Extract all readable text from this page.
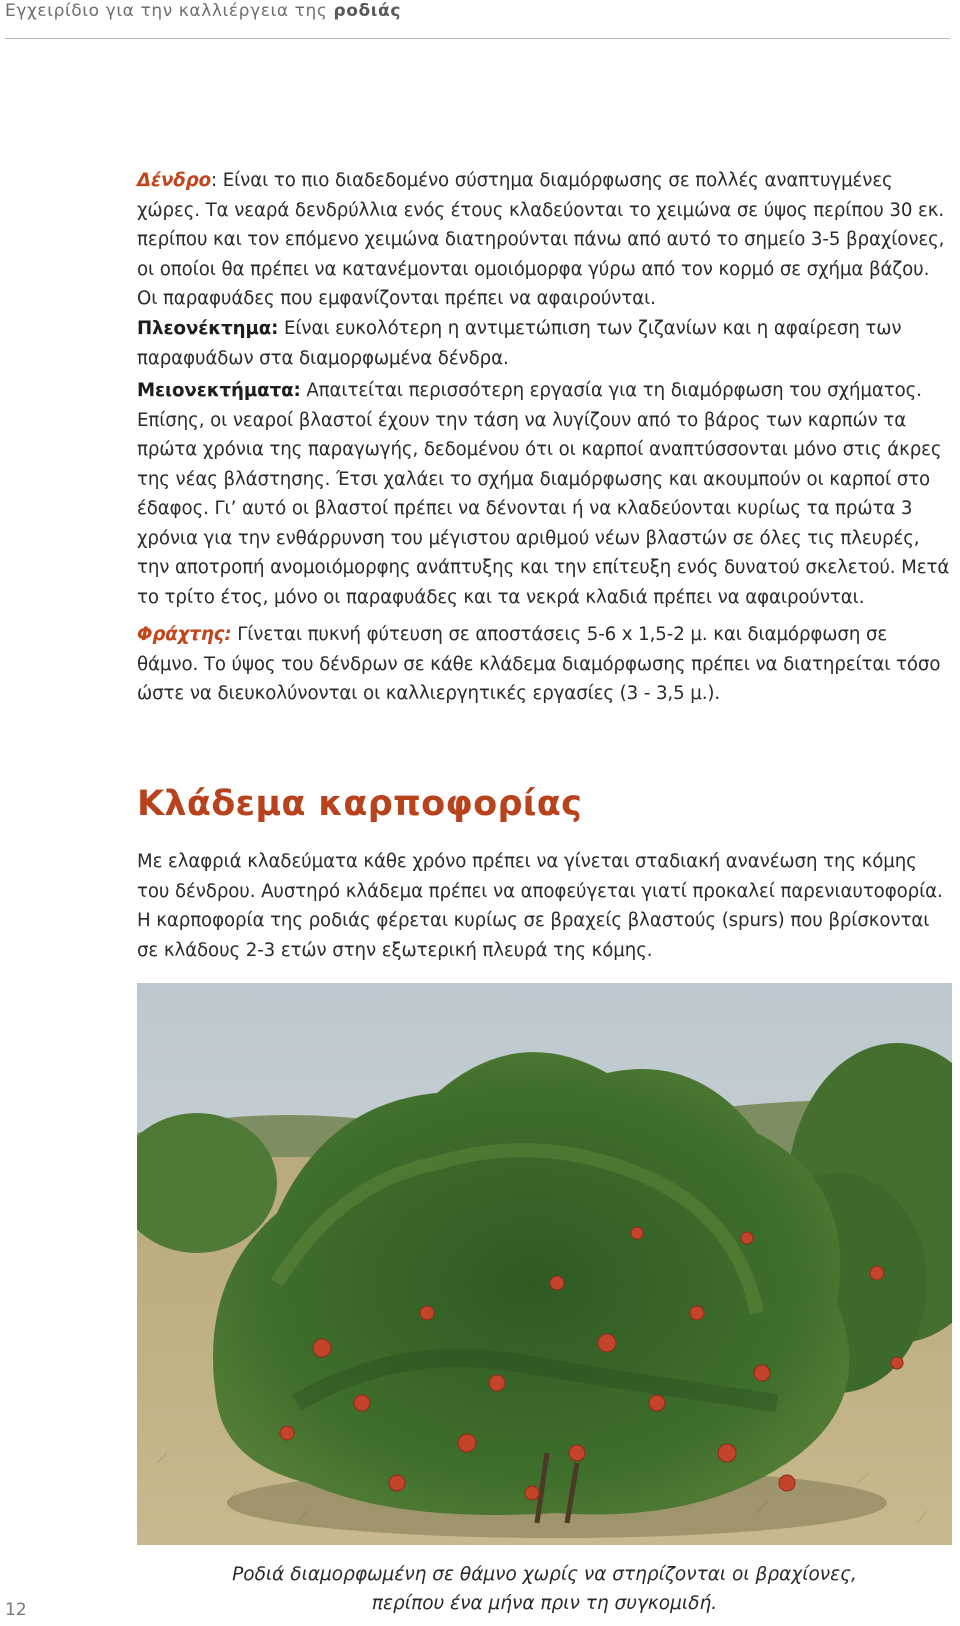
Εγχειρίδιο για την καλλιέργεια της ροδιάς

Δένδρο: Είναι το πιο διαδεδομένο σύστημα διαμόρφωσης σε πολλές αναπτυγμένες χώρες. Τα νεαρά δενδρύλλια ενός έτους κλαδεύονται το χειμώνα σε ύψος περίπου 30 εκ. περίπου και τον επόμενο χειμώνα διατηρούνται πάνω από αυτό το σημείο 3-5 βραχίονες, οι οποίοι θα πρέπει να κατανέμονται ομοιόμορφα γύρω από τον κορμό σε σχήμα βάζου. Οι παραφυάδες που εμφανίζονται πρέπει να αφαιρούνται.

Πλεονέκτημα: Είναι ευκολότερη η αντιμετώπιση των ζιζανίων και η αφαίρεση των παραφυάδων στα διαμορφωμένα δένδρα.

Μειονεκτήματα: Απαιτείται περισσότερη εργασία για τη διαμόρφωση του σχήματος. Επίσης, οι νεαροί βλαστοί έχουν την τάση να λυγίζουν από το βάρος των καρπών τα πρώτα χρόνια της παραγωγής, δεδομένου ότι οι καρποί αναπτύσσονται μόνο στις άκρες της νέας βλάστησης. Έτσι χαλάει το σχήμα διαμόρφωσης και ακουμπούν οι καρποί στο έδαφος. Γι’ αυτό οι βλαστοί πρέπει να δένονται ή να κλαδεύονται κυρίως τα πρώτα 3 χρόνια για την ενθάρρυνση του μέγιστου αριθμού νέων βλαστών σε όλες τις πλευρές, την αποτροπή ανομοιόμορφης ανάπτυξης και την επίτευξη ενός δυνατού σκελετού. Μετά το τρίτο έτος, μόνο οι παραφυάδες και τα νεκρά κλαδιά πρέπει να αφαιρούνται.

Φράχτης: Γίνεται πυκνή φύτευση σε αποστάσεις 5-6 x 1,5-2 μ. και διαμόρφωση σε θάμνο. Το ύψος του δένδρων σε κάθε κλάδεμα διαμόρφωσης πρέπει να διατηρείται τόσο ώστε να διευκολύνονται οι καλλιεργητικές εργασίες (3 - 3,5 μ.).

Κλάδεμα καρποφορίας

Με ελαφριά κλαδεύματα κάθε χρόνο πρέπει να γίνεται σταδιακή ανανέωση της κόμης του δένδρου. Αυστηρό κλάδεμα πρέπει να αποφεύγεται γιατί προκαλεί παρενιαυτοφορία. Η καρποφορία της ροδιάς φέρεται κυρίως σε βραχείς βλαστούς (spurs) που βρίσκονται σε κλάδους 2-3 ετών στην εξωτερική πλευρά της κόμης.

Ροδιά διαμορφωμένη σε θάμνο χωρίς να στηρίζονται οι βραχίονες,
περίπου ένα μήνα πριν τη συγκομιδή.
12
